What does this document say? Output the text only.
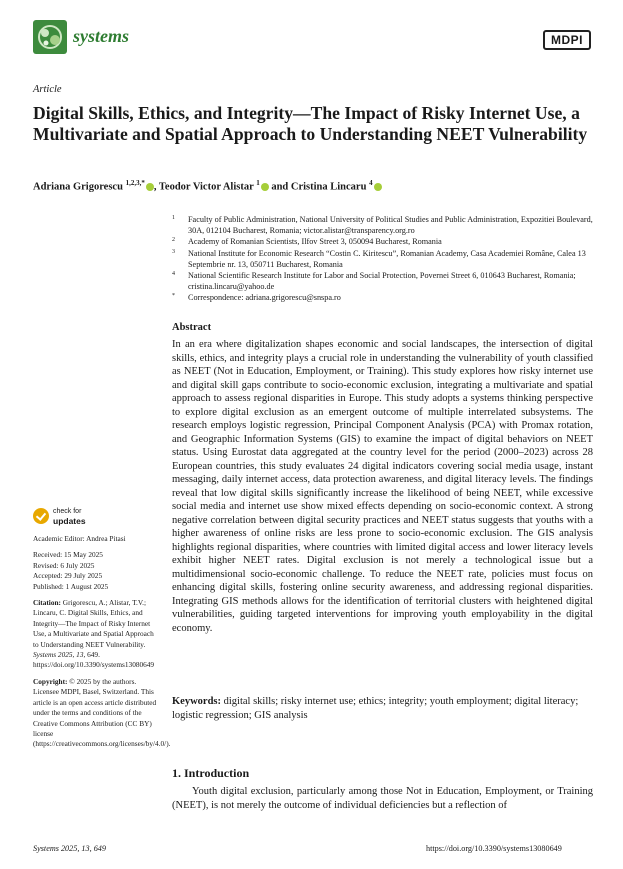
systems	MDPI
Article
Digital Skills, Ethics, and Integrity—The Impact of Risky Internet Use, a Multivariate and Spatial Approach to Understanding NEET Vulnerability
Adriana Grigorescu $^{1,2,3,*}$ , Teodor Victor Alistar $^1$ and Cristina Lincaru $^4$
1 Faculty of Public Administration, National University of Political Studies and Public Administration, Expozitiei Boulevard, 30A, 012104 Bucharest, Romania; victor.alistar@transparency.org.ro
2 Academy of Romanian Scientists, Ilfov Street 3, 050094 Bucharest, Romania
3 National Institute for Economic Research “Costin C. Kiritescu”, Romanian Academy, Casa Academiei Române, Calea 13 Septembrie nr. 13, 050711 Bucharest, Romania
4 National Scientific Research Institute for Labor and Social Protection, Povernei Street 6, 010643 Bucharest, Romania; cristina.lincaru@yahoo.de
* Correspondence: adriana.grigorescu@snspa.ro
Abstract
In an era where digitalization shapes economic and social landscapes, the intersection of digital skills, ethics, and integrity plays a crucial role in understanding the vulnerability of youth classified as NEET (Not in Education, Employment, or Training). This study explores how risky internet use and digital skill gaps contribute to socio-economic exclusion, integrating a multivariate and spatial approach to assess regional disparities in Europe. This study adopts a systems thinking perspective to explore digital exclusion as an emergent outcome of multiple interrelated subsystems. The research employs logistic regression, Principal Component Analysis (PCA) with Promax rotation, and Geographic Information Systems (GIS) to examine the impact of digital behaviors on NEET status. Using Eurostat data aggregated at the country level for the period (2000–2023) across 28 European countries, this study evaluates 24 digital indicators covering social media usage, instant messaging, daily internet access, data protection awareness, and digital literacy levels. The findings reveal that low digital skills significantly increase the likelihood of being NEET, while excessive social media and internet use show mixed effects depending on socio-economic context. A strong negative correlation between digital security practices and NEET status suggests that youths with a higher awareness of online risks are less prone to socio-economic exclusion. The GIS analysis highlights regional disparities, where countries with limited digital access and lower literacy levels exhibit higher NEET rates. Digital exclusion is not merely a technological issue but a multidimensional socio-economic challenge. To reduce the NEET rate, policies must focus on enhancing digital skills, fostering online security awareness, and addressing regional disparities. Integrating GIS methods allows for the identification of territorial clusters with heightened digital vulnerabilities, guiding targeted interventions for improving youth employability in the digital economy.
Keywords: digital skills; risky internet use; ethics; integrity; youth employment; digital literacy; logistic regression; GIS analysis
check for
updates

Academic Editor: Andrea Pitasi

Received: 15 May 2025

Revised: 6 July 2025

Accepted: 29 July 2025

Published: 1 August 2025

Citation: Grigorescu, A.; Alistar, T.V.; Lincaru, C. Digital Skills, Ethics, and Integrity—The Impact of Risky Internet Use, a Multivariate and Spatial Approach to Understanding NEET Vulnerability. Systems 2025, 13, 649. https://doi.org/10.3390/systems13080649

Copyright: © 2025 by the authors. Licensee MDPI, Basel, Switzerland. This article is an open access article distributed under the terms and conditions of the Creative Commons Attribution (CC BY) license (https://creativecommons.org/licenses/by/4.0/).

1. Introduction
Youth digital exclusion, particularly among those Not in Education, Employment, or Training (NEET), is not merely the outcome of individual deficiencies but a reflection of
Systems 2025, 13, 649	https://doi.org/10.3390/systems13080649
